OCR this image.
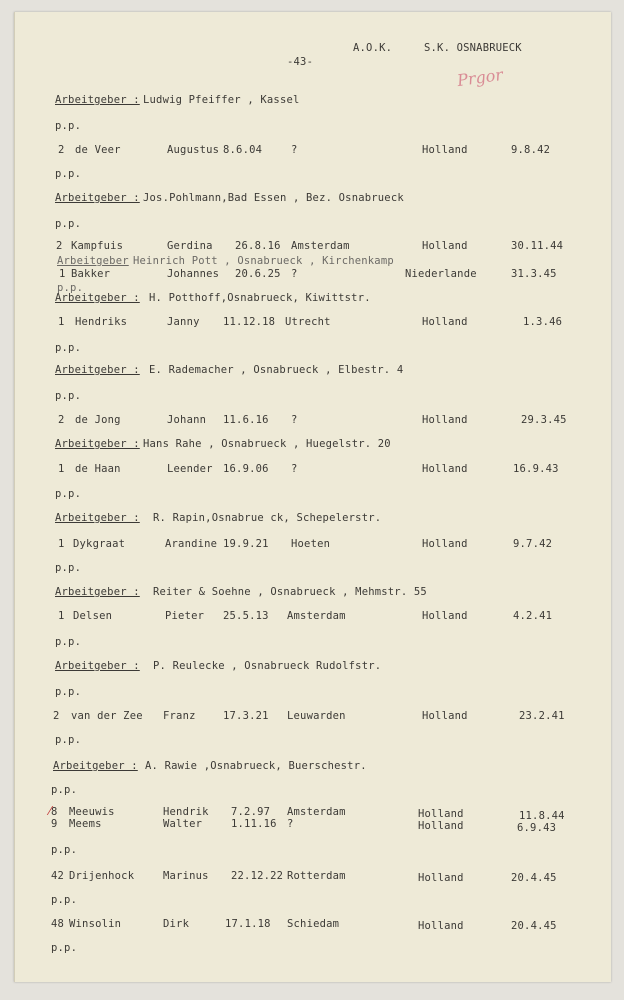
-43-
A.O.K.	S.K. OSNABRUECK
Prgor
Arbeitgeber : Ludwig Pfeiffer , Kassel
p.p.
2 de Veer	Augustus 8.6.04	?	Holland	9.8.42
p.p.
Arbeitgeber : Jos.Pohlmann,Bad Essen , Bez. Osnabrueck
p.p.
2 Kampfuis	Gerdina 26.8.16 Amsterdam	Holland	30.11.44
Arbeitgeber Heinrich Pott , Osnabrueck , Kirchenkamp
1 Bakker	Johannes 20.6.25 ?	Niederlande	31.3.45
p.p.
Arbeitgeber : H. Potthoff,Osnabrueck, Kiwittstr.
1 Hendriks	Janny 11.12.18 Utrecht	Holland	1.3.46
p.p.
Arbeitgeber : E. Rademacher , Osnabrueck , Elbestr. 4
p.p.
2 de Jong	Johann 11.6.16 ?	Holland	29.3.45
Arbeitgeber : Hans Rahe , Osnabrueck , Huegelstr. 20
1 de Haan	Leender 16.9.06 ?	Holland	16.9.43
p.p.
Arbeitgeber : R. Rapin,Osnabrue ck, Schepelerstr.
1 Dykgraat	Arandine 19.9.21 Hoeten	Holland	9.7.42
p.p.
Arbeitgeber : Reiter & Soehne , Osnabrueck , Mehmstr. 55
1 Delsen	Pieter 25.5.13 Amsterdam	Holland	4.2.41
p.p.
Arbeitgeber : P. Reulecke , Osnabrueck Rudolfstr.
p.p.
2 van der Zee Franz	17.3.21 Leuwarden	Holland	23.2.41
p.p.
Arbeitgeber : A. Rawie ,Osnabrueck, Buerschestr.
p.p.
8 Meeuwis	Hendrik 7.2.97 Amsterdam	Holland	11.8.44
9 Meems	Walter	1.11.16 ?	Holland	6.9.43
⁄
p.p.
42 Drijenhock	Marinus 22.12.22 Rotterdam	Holland	20.4.45
p.p.
48 Winsolin	Dirk	17.1.18 Schiedam	Holland	20.4.45
p.p.
